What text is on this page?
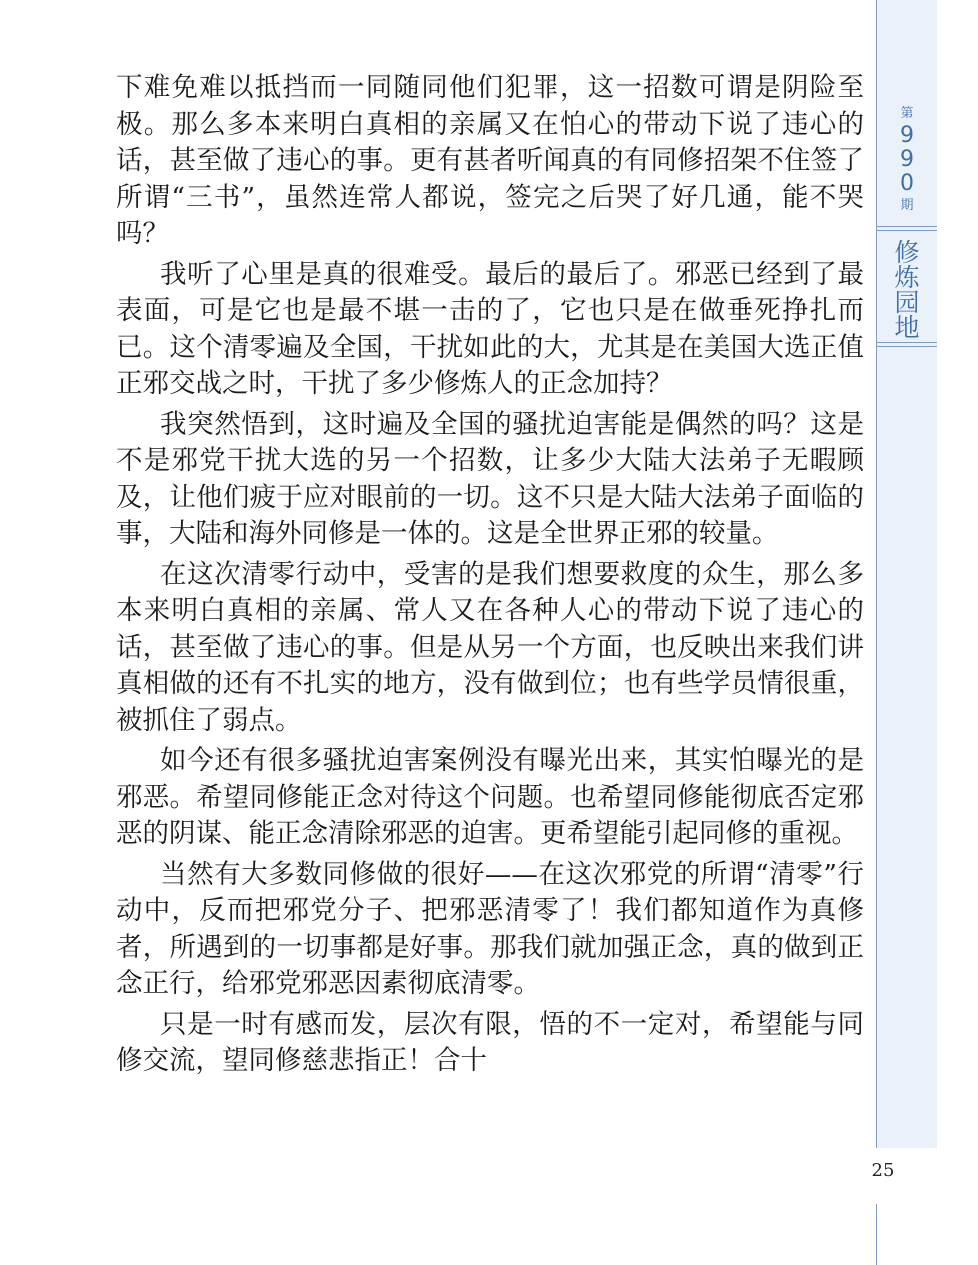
第
990
期
修炼园地

下难免难以抵挡而一同随同他们犯罪，这一招数可谓是阴险至极。那么多本来明白真相的亲属又在怕心的带动下说了违心的话，甚至做了违心的事。更有甚者听闻真的有同修招架不住签了所谓“三书”，虽然连常人都说，签完之后哭了好几通，能不哭吗？

我听了心里是真的很难受。最后的最后了。邪恶已经到了最表面，可是它也是最不堪一击的了，它也只是在做垂死挣扎而已。这个清零遍及全国，干扰如此的大，尤其是在美国大选正值正邪交战之时，干扰了多少修炼人的正念加持？

我突然悟到，这时遍及全国的骚扰迫害能是偶然的吗？这是不是邪党干扰大选的另一个招数，让多少大陆大法弟子无暇顾及，让他们疲于应对眼前的一切。这不只是大陆大法弟子面临的事，大陆和海外同修是一体的。这是全世界正邪的较量。

在这次清零行动中，受害的是我们想要救度的众生，那么多本来明白真相的亲属、常人又在各种人心的带动下说了违心的话，甚至做了违心的事。但是从另一个方面，也反映出来我们讲真相做的还有不扎实的地方，没有做到位；也有些学员情很重，被抓住了弱点。

如今还有很多骚扰迫害案例没有曝光出来，其实怕曝光的是邪恶。希望同修能正念对待这个问题。也希望同修能彻底否定邪恶的阴谋、能正念清除邪恶的迫害。更希望能引起同修的重视。

当然有大多数同修做的很好——在这次邪党的所谓“清零”行动中，反而把邪党分子、把邪恶清零了！我们都知道作为真修者，所遇到的一切事都是好事。那我们就加强正念，真的做到正念正行，给邪党邪恶因素彻底清零。

只是一时有感而发，层次有限，悟的不一定对，希望能与同修交流，望同修慈悲指正！合十

25
